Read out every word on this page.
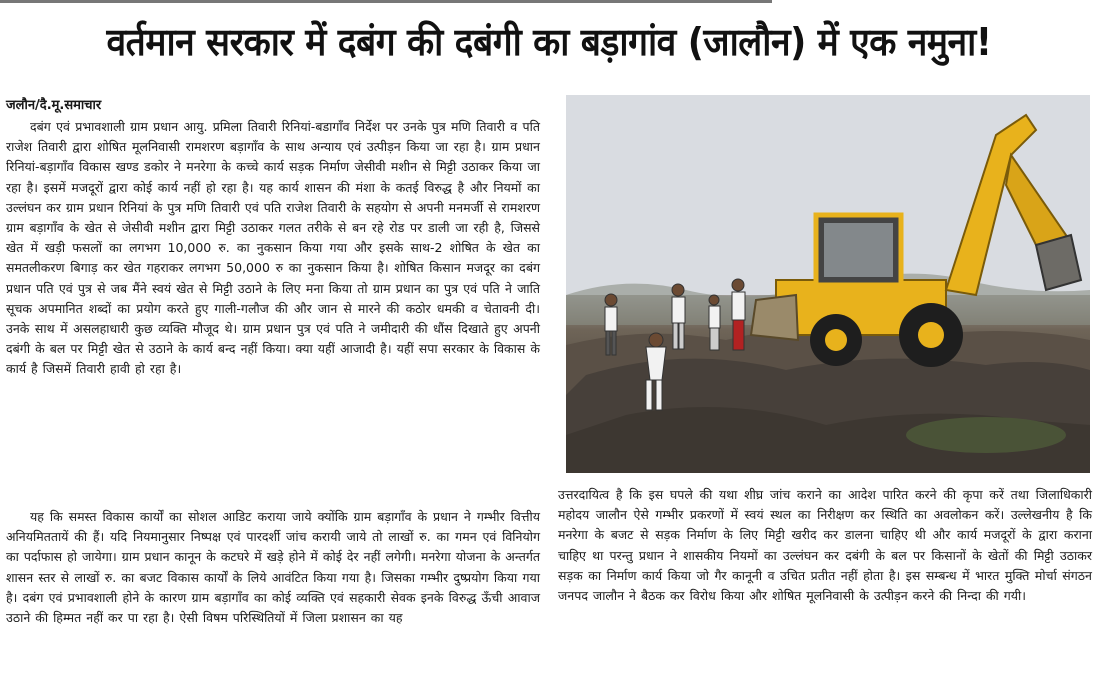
वर्तमान सरकार में दबंग की दबंगी का बड़ागांव (जालौन) में एक नमुना!
जलौन/दै.मू.समाचार

दबंग एवं प्रभावशाली ग्राम प्रधान आयु. प्रमिला तिवारी रिनियां-बडागाँव निर्देश पर उनके पुत्र मणि तिवारी व पति राजेश तिवारी द्वारा शोषित मूलनिवासी रामशरण बड़ागाँव के साथ अन्याय एवं उत्पीड़न किया जा रहा है। ग्राम प्रधान रिनियां-बड़ागाँव विकास खण्ड डकोर ने मनरेगा के कच्चे कार्य सड़क निर्माण जेसीवी मशीन से मिट्टी उठाकर किया जा रहा है। इसमें मजदूरों द्वारा कोई कार्य नहीं हो रहा है। यह कार्य शासन की मंशा के कतई विरुद्ध है और नियमों का उल्लंघन कर ग्राम प्रधान रिनियां के पुत्र मणि तिवारी एवं पति राजेश तिवारी के सहयोग से अपनी मनमर्जी से रामशरण ग्राम बड़ागाँव के खेत से जेसीवी मशीन द्वारा मिट्टी उठाकर गलत तरीके से बन रहे रोड पर डाली जा रही है, जिससे खेत में खड़ी फसलों का लगभग 10,000 रु. का नुकसान किया गया और इसके साथ-2 शोषित के खेत का समतलीकरण बिगाड़ कर खेत गहराकर लगभग 50,000 रु का नुकसान किया है। शोषित किसान मजदूर का दबंग प्रधान पति एवं पुत्र से जब मैंने स्वयं खेत से मिट्टी उठाने के लिए मना किया तो ग्राम प्रधान का पुत्र एवं पति ने जाति सूचक अपमानित शब्दों का प्रयोग करते हुए गाली-गलौज की और जान से मारने की कठोर धमकी व चेतावनी दी। उनके साथ में असलहाधारी कुछ व्यक्ति मौजूद थे। ग्राम प्रधान पुत्र एवं पति ने जमीदारी की धौंस दिखाते हुए अपनी दबंगी के बल पर मिट्टी खेत से उठाने के कार्य बन्द नहीं किया। क्या यहीं आजादी है। यहीं सपा सरकार के विकास के कार्य है जिसमें तिवारी हावी हो रहा है।

यह कि समस्त विकास कार्यों का सोशल आडिट कराया जाये क्योंकि ग्राम बड़ागाँव के प्रधान ने गम्भीर वित्तीय अनियमिततायें की हैं। यदि नियमानुसार निष्पक्ष एवं पारदर्शी जांच करायी जाये तो लाखों रु. का गमन एवं विनियोग का पर्दाफास हो जायेगा। ग्राम प्रधान कानून के कटघरे में खड़े होने में कोई देर नहीं लगेगी। मनरेगा योजना के अन्तर्गत शासन स्तर से लाखों रु. का बजट विकास कार्यों के लिये आवंटित किया गया है। जिसका गम्भीर दुष्प्रयोग किया गया है। दबंग एवं प्रभावशाली होने के कारण ग्राम बड़ागाँव का कोई व्यक्ति एवं सहकारी सेवक इनके विरुद्ध ऊँची आवाज उठाने की हिम्मत नहीं कर पा रहा है। ऐसी विषम परिस्थितियों में जिला प्रशासन का यह

उत्तरदायित्व है कि इस घपले की यथा शीघ्र जांच कराने का आदेश पारित करने की कृपा करें तथा जिलाधिकारी महोदय जालौन ऐसे गम्भीर प्रकरणों में स्वयं स्थल का निरीक्षण कर स्थिति का अवलोकन करें। उल्लेखनीय है कि मनरेगा के बजट से सड़क निर्माण के लिए मिट्टी खरीद कर डालना चाहिए थी और कार्य मजदूरों के द्वारा कराना चाहिए था परन्तु प्रधान ने शासकीय नियमों का उल्लंघन कर दबंगी के बल पर किसानों के खेतों की मिट्टी उठाकर सड़क का निर्माण कार्य किया जो गैर कानूनी व उचित प्रतीत नहीं होता है। इस सम्बन्ध में भारत मुक्ति मोर्चा संगठन जनपद जालौन ने बैठक कर विरोध किया और शोषित मूलनिवासी के उत्पीड़न करने की निन्दा की गयी।
